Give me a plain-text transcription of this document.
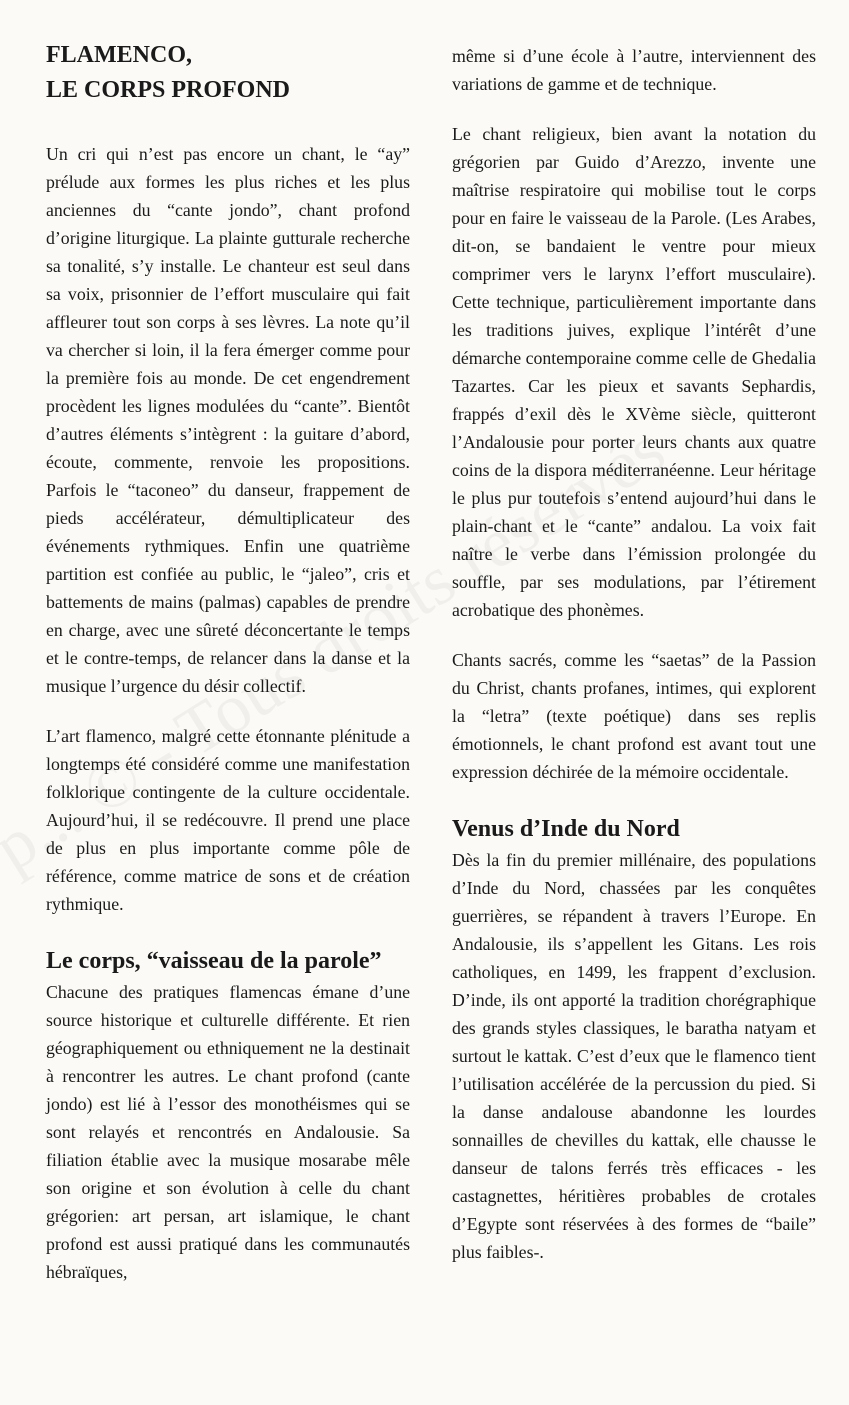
FLAMENCO,
LE CORPS PROFOND

Un cri qui n’est pas encore un chant, le “ay” prélude aux formes les plus riches et les plus anciennes du “cante jondo”, chant profond d’origine liturgique. La plainte gutturale recherche sa tonalité, s’y installe. Le chanteur est seul dans sa voix, prisonnier de l’effort musculaire qui fait affleurer tout son corps à ses lèvres. La note qu’il va chercher si loin, il la fera émerger comme pour la première fois au monde. De cet engendrement procèdent les lignes modulées du “cante”. Bientôt d’autres éléments s’intègrent : la guitare d’abord, écoute, commente, renvoie les propositions. Parfois le “taconeo” du danseur, frappement de pieds accélérateur, démultiplicateur des événements rythmiques. Enfin une quatrième partition est confiée au public, le “jaleo”, cris et battements de mains (palmas) capables de prendre en charge, avec une sûreté déconcertante le temps et le contre-temps, de relancer dans la danse et la musique l’urgence du désir collectif.

L’art flamenco, malgré cette étonnante plénitude a longtemps été considéré comme une manifestation folklorique contingente de la culture occidentale. Aujourd’hui, il se redécouvre. Il prend une place de plus en plus importante comme pôle de référence, comme matrice de sons et de création rythmique.

Le corps, “vaisseau de la parole”

Chacune des pratiques flamencas émane d’une source historique et culturelle différente. Et rien géographiquement ou ethniquement ne la destinait à rencontrer les autres. Le chant profond (cante jondo) est lié à l’essor des monothéismes qui se sont relayés et rencontrés en Andalousie. Sa filiation établie avec la musique mosarabe mêle son origine et son évolution à celle du chant grégorien: art persan, art islamique, le chant profond est aussi pratiqué dans les communautés hébraïques,

même si d’une école à l’autre, interviennent des variations de gamme et de technique.

Le chant religieux, bien avant la notation du grégorien par Guido d’Arezzo, invente une maîtrise respiratoire qui mobilise tout le corps pour en faire le vaisseau de la Parole. (Les Arabes, dit-on, se bandaient le ventre pour mieux comprimer vers le larynx l’effort musculaire). Cette technique, particulièrement importante dans les traditions juives, explique l’intérêt d’une démarche contemporaine comme celle de Ghedalia Tazartes. Car les pieux et savants Sephardis, frappés d’exil dès le XVème siècle, quitteront l’Andalousie pour porter leurs chants aux quatre coins de la dispora méditerranéenne. Leur héritage le plus pur toutefois s’entend aujourd’hui dans le plain-chant et le “cante” andalou. La voix fait naître le verbe dans l’émission prolongée du souffle, par ses modulations, par l’étirement acrobatique des phonèmes.

Chants sacrés, comme les “saetas” de la Passion du Christ, chants profanes, intimes, qui explorent la “letra” (texte poétique) dans ses replis émotionnels, le chant profond est avant tout une expression déchirée de la mémoire occidentale.

Venus d’Inde du Nord

Dès la fin du premier millénaire, des populations d’Inde du Nord, chassées par les conquêtes guerrières, se répandent à travers l’Europe. En Andalousie, ils s’appellent les Gitans. Les rois catholiques, en 1499, les frappent d’exclusion. D’inde, ils ont apporté la tradition chorégraphique des grands styles classiques, le baratha natyam et surtout le kattak. C’est d’eux que le flamenco tient l’utilisation accélérée de la percussion du pied. Si la danse andalouse abandonne les lourdes sonnailles de chevilles du kattak, elle chausse le danseur de talons ferrés très efficaces - les castagnettes, héritières probables de crotales d’Egypte sont réservées à des formes de “baile” plus faibles-.
